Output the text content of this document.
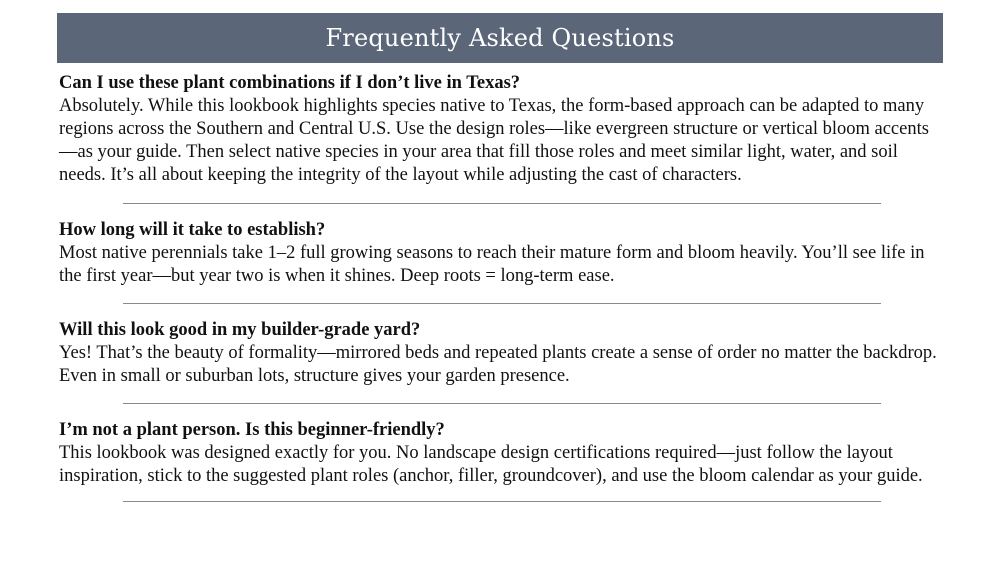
Frequently Asked Questions

Can I use these plant combinations if I don’t live in Texas?

Absolutely. While this lookbook highlights species native to Texas, the form-based approach can be adapted to many regions across the Southern and Central U.S. Use the design roles—like evergreen structure or vertical bloom accents—as your guide. Then select native species in your area that fill those roles and meet similar light, water, and soil needs. It’s all about keeping the integrity of the layout while adjusting the cast of characters.

How long will it take to establish?

Most native perennials take 1–2 full growing seasons to reach their mature form and bloom heavily. You’ll see life in the first year—but year two is when it shines. Deep roots = long-term ease.

Will this look good in my builder-grade yard?

Yes! That’s the beauty of formality—mirrored beds and repeated plants create a sense of order no matter the backdrop. Even in small or suburban lots, structure gives your garden presence.

I’m not a plant person. Is this beginner-friendly?

This lookbook was designed exactly for you. No landscape design certifications required—just follow the layout inspiration, stick to the suggested plant roles (anchor, filler, groundcover), and use the bloom calendar as your guide.
